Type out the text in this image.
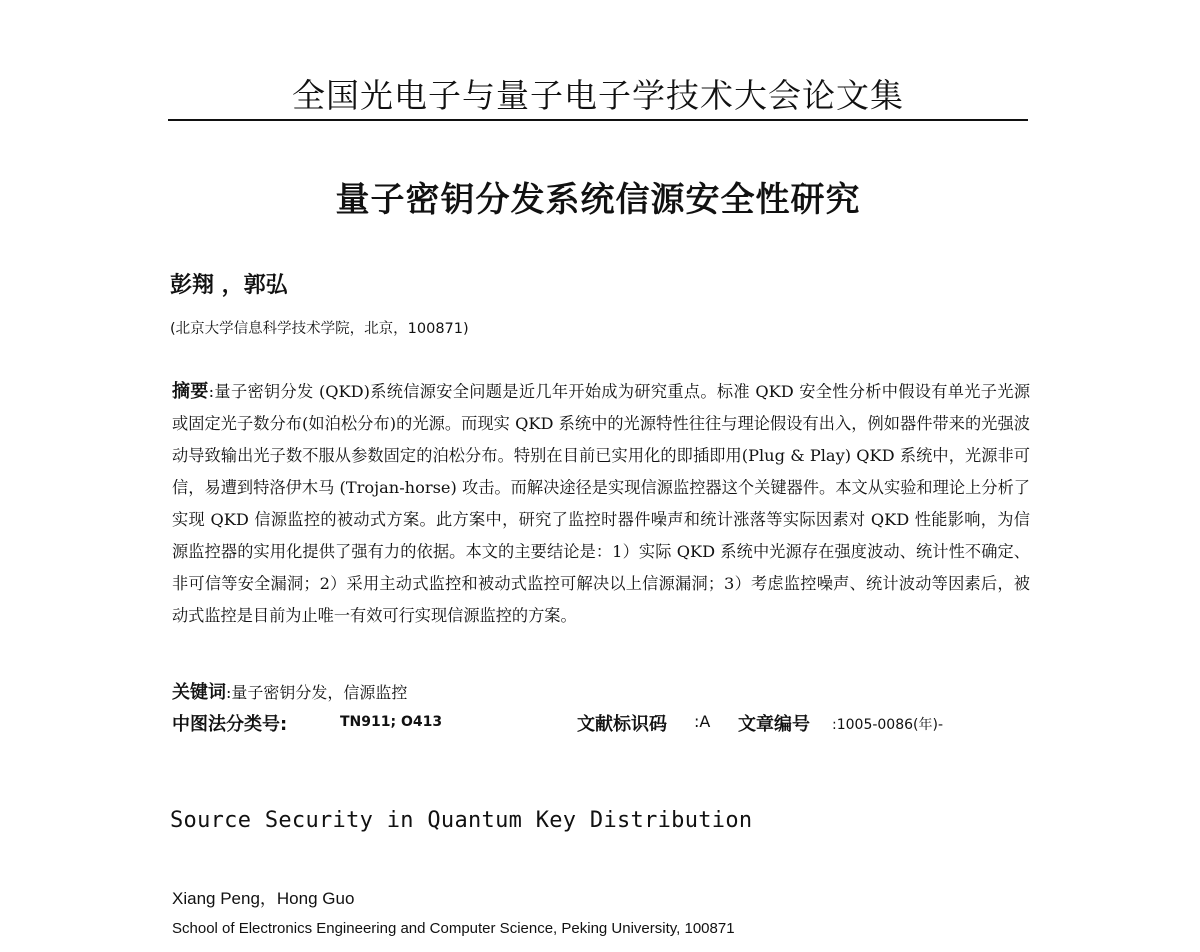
全国光电子与量子电子学技术大会论文集
量子密钥分发系统信源安全性研究
彭翔 ，郭弘
(北京大学信息科学技术学院，北京，100871)
摘要:量子密钥分发 (QKD)系统信源安全问题是近几年开始成为研究重点。标准 QKD 安全性分析中假设有单光子光源或固定光子数分布(如泊松分布)的光源。而现实 QKD 系统中的光源特性往往与理论假设有出入，例如器件带来的光强波动导致输出光子数不服从参数固定的泊松分布。特别在目前已实用化的即插即用(Plug & Play) QKD 系统中，光源非可信，易遭到特洛伊木马 (Trojan-horse) 攻击。而解决途径是实现信源监控器这个关键器件。本文从实验和理论上分析了实现 QKD 信源监控的被动式方案。此方案中，研究了监控时器件噪声和统计涨落等实际因素对 QKD 性能影响，为信源监控器的实用化提供了强有力的依据。本文的主要结论是：1）实际 QKD 系统中光源存在强度波动、统计性不确定、非可信等安全漏洞；2）采用主动式监控和被动式监控可解决以上信源漏洞；3）考虑监控噪声、统计波动等因素后，被动式监控是目前为止唯一有效可行实现信源监控的方案。
关键词:量子密钥分发，信源监控
中图法分类号:	TN911; O413	文献标识码 :A 文章编号 :1005-0086(年)-
Source Security in Quantum Key Distribution
Xiang Peng，Hong Guo
School of Electronics Engineering and Computer Science, Peking University, 100871
